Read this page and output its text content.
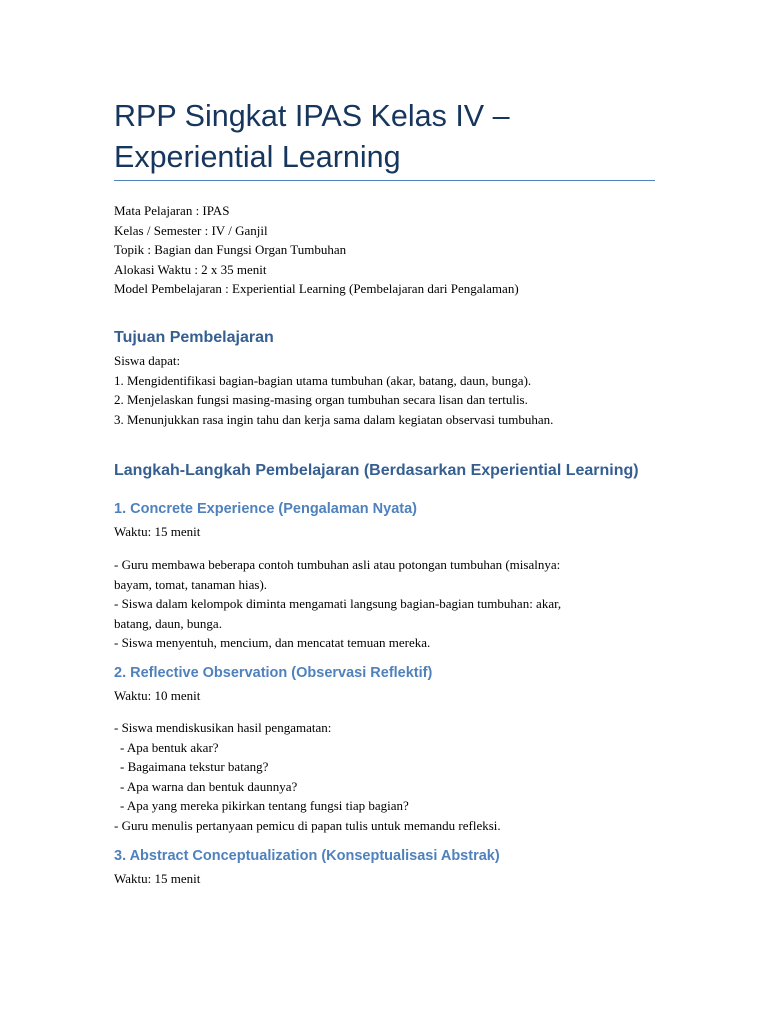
RPP Singkat IPAS Kelas IV – Experiential Learning
Mata Pelajaran : IPAS
Kelas / Semester : IV / Ganjil
Topik : Bagian dan Fungsi Organ Tumbuhan
Alokasi Waktu : 2 x 35 menit
Model Pembelajaran : Experiential Learning (Pembelajaran dari Pengalaman)
Tujuan Pembelajaran
Siswa dapat:
1. Mengidentifikasi bagian-bagian utama tumbuhan (akar, batang, daun, bunga).
2. Menjelaskan fungsi masing-masing organ tumbuhan secara lisan dan tertulis.
3. Menunjukkan rasa ingin tahu dan kerja sama dalam kegiatan observasi tumbuhan.
Langkah-Langkah Pembelajaran (Berdasarkan Experiential Learning)
1. Concrete Experience (Pengalaman Nyata)
Waktu: 15 menit
- Guru membawa beberapa contoh tumbuhan asli atau potongan tumbuhan (misalnya:
bayam, tomat, tanaman hias).
- Siswa dalam kelompok diminta mengamati langsung bagian-bagian tumbuhan: akar,
batang, daun, bunga.
- Siswa menyentuh, mencium, dan mencatat temuan mereka.
2. Reflective Observation (Observasi Reflektif)
Waktu: 10 menit
- Siswa mendiskusikan hasil pengamatan:
- Apa bentuk akar?
- Bagaimana tekstur batang?
- Apa warna dan bentuk daunnya?
- Apa yang mereka pikirkan tentang fungsi tiap bagian?
- Guru menulis pertanyaan pemicu di papan tulis untuk memandu refleksi.
3. Abstract Conceptualization (Konseptualisasi Abstrak)
Waktu: 15 menit
